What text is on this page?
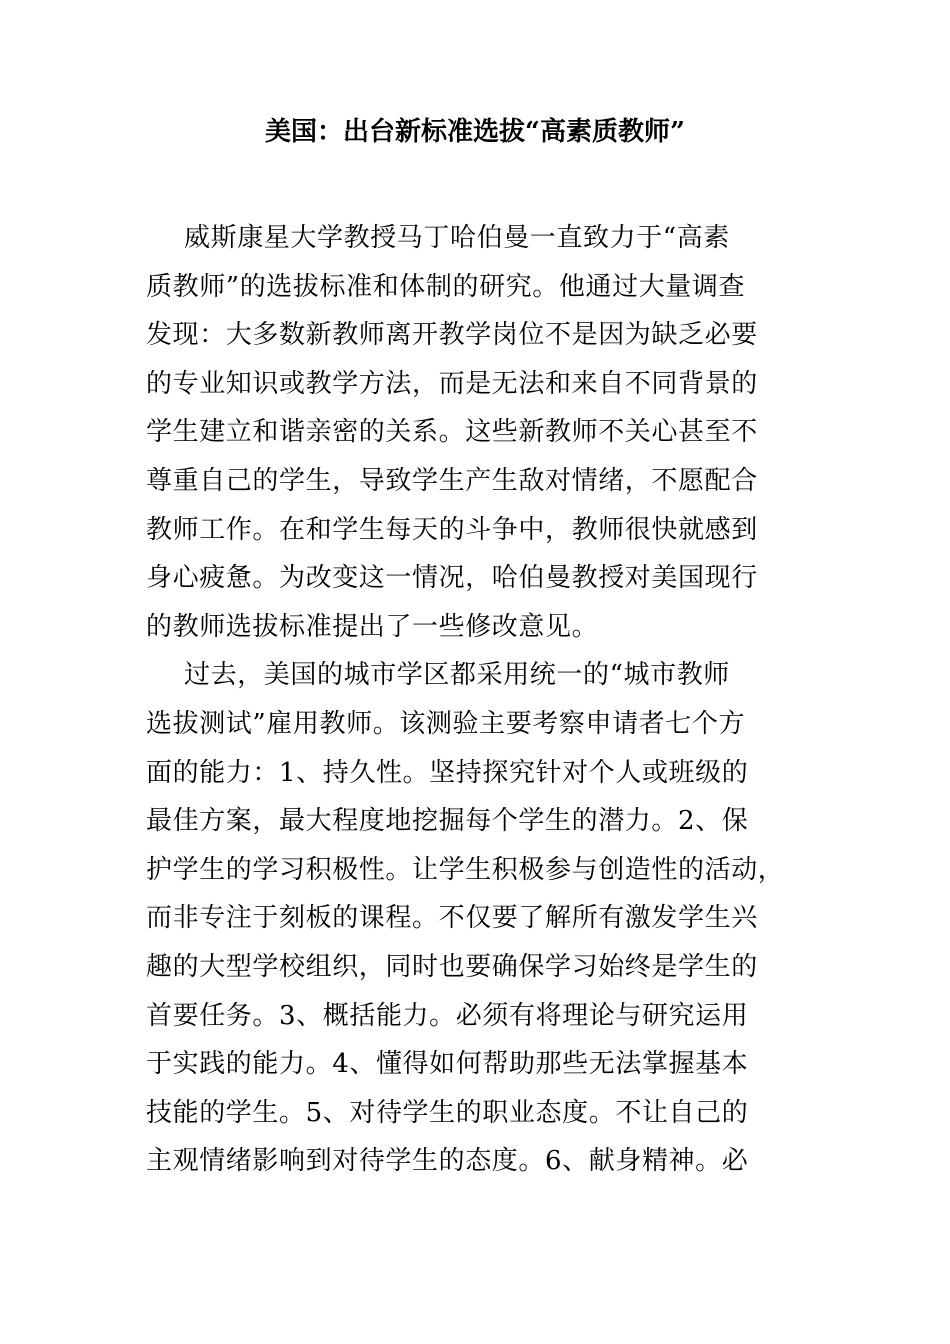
美国：出台新标准选拔“高素质教师”

威斯康星大学教授马丁哈伯曼一直致力于“高素
质教师”的选拔标准和体制的研究。他通过大量调查
发现：大多数新教师离开教学岗位不是因为缺乏必要
的专业知识或教学方法，而是无法和来自不同背景的
学生建立和谐亲密的关系。这些新教师不关心甚至不
尊重自己的学生，导致学生产生敌对情绪，不愿配合
教师工作。在和学生每天的斗争中，教师很快就感到
身心疲惫。为改变这一情况，哈伯曼教授对美国现行
的教师选拔标准提出了一些修改意见。

过去，美国的城市学区都采用统一的“城市教师
选拔测试”雇用教师。该测验主要考察申请者七个方
面的能力：1、持久性。坚持探究针对个人或班级的
最佳方案，最大程度地挖掘每个学生的潜力。2、保
护学生的学习积极性。让学生积极参与创造性的活动，
而非专注于刻板的课程。不仅要了解所有激发学生兴
趣的大型学校组织，同时也要确保学习始终是学生的
首要任务。3、概括能力。必须有将理论与研究运用
于实践的能力。4、懂得如何帮助那些无法掌握基本
技能的学生。5、对待学生的职业态度。不让自己的
主观情绪影响到对待学生的态度。6、献身精神。必
